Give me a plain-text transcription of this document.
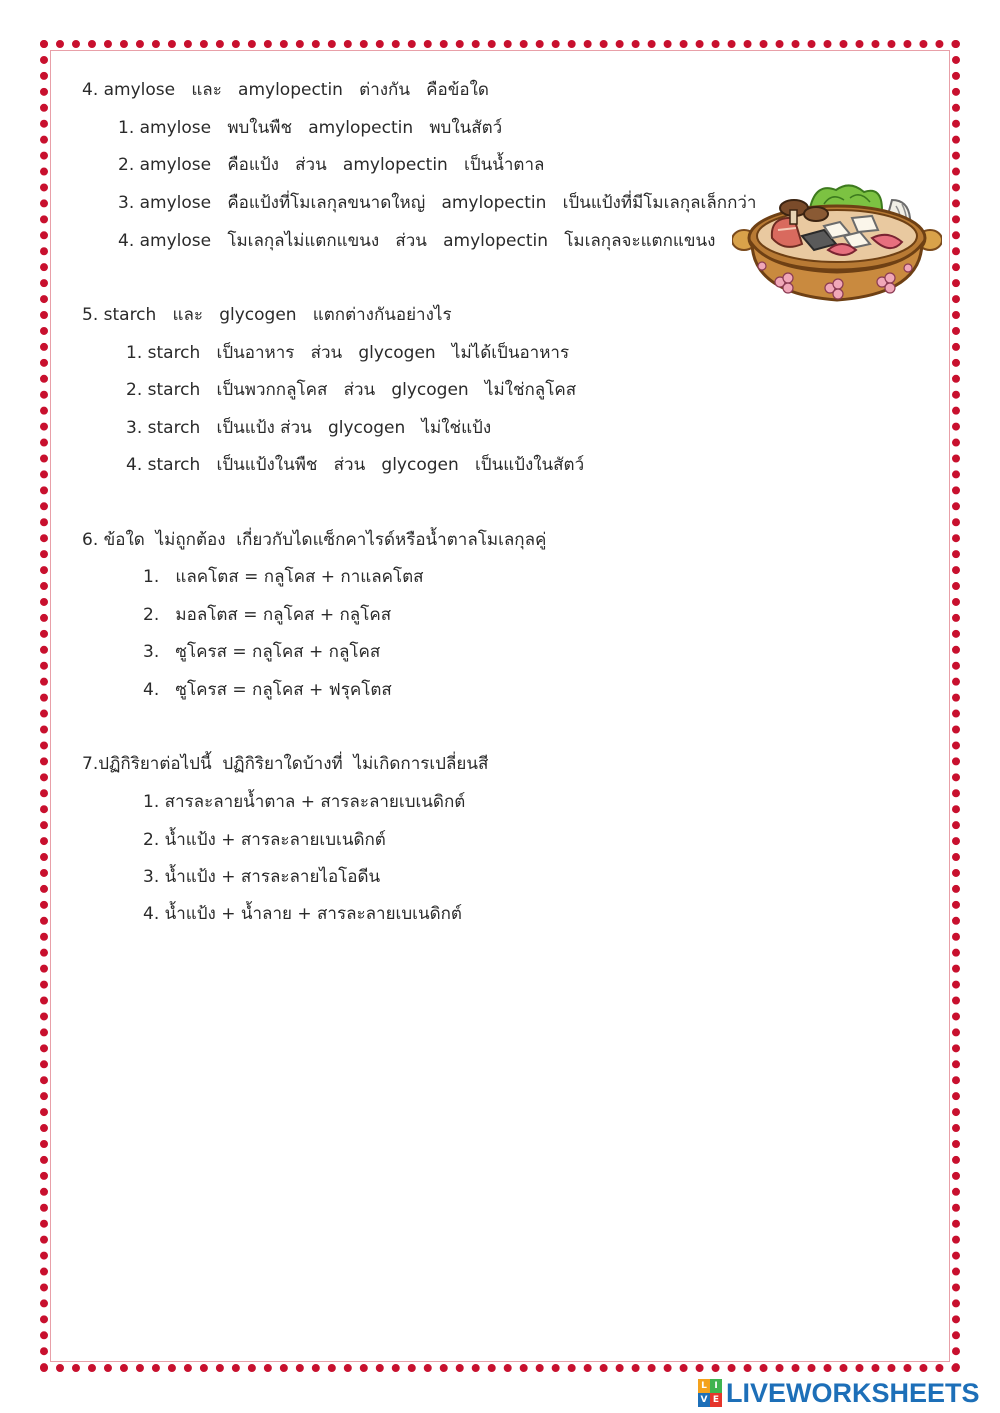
4. amylose   และ   amylopectin   ต่างกัน   คือข้อใด
1. amylose   พบในพืช   amylopectin   พบในสัตว์
2. amylose   คือแป้ง   ส่วน   amylopectin   เป็นน้ำตาล
3. amylose   คือแป้งที่โมเลกุลขนาดใหญ่   amylopectin   เป็นแป้งที่มีโมเลกุลเล็กกว่า
4. amylose   โมเลกุลไม่แตกแขนง   ส่วน   amylopectin   โมเลกุลจะแตกแขนง
5. starch   และ   glycogen   แตกต่างกันอย่างไร
1. starch   เป็นอาหาร   ส่วน   glycogen   ไม่ได้เป็นอาหาร
2. starch   เป็นพวกกลูโคส   ส่วน   glycogen   ไม่ใช่กลูโคส
3. starch   เป็นแป้ง ส่วน   glycogen   ไม่ใช่แป้ง
4. starch   เป็นแป้งในพืช   ส่วน   glycogen   เป็นแป้งในสัตว์
6. ข้อใด  ไม่ถูกต้อง  เกี่ยวกับไดแซ็กคาไรด์หรือน้ำตาลโมเลกุลคู่
1.   แลคโตส = กลูโคส + กาแลคโตส
2.   มอลโตส = กลูโคส + กลูโคส
3.   ซูโครส = กลูโคส + กลูโคส
4.   ซูโครส = กลูโคส + ฟรุคโตส
7.ปฏิกิริยาต่อไปนี้  ปฏิกิริยาใดบ้างที่  ไม่เกิดการเปลี่ยนสี
1. สารละลายน้ำตาล + สารละลายเบเนดิกต์
2. น้ำแป้ง + สารละลายเบเนดิกต์
3. น้ำแป้ง + สารละลายไอโอดีน
4. น้ำแป้ง + น้ำลาย + สารละลายเบเนดิกต์
L I
V E LIVEWORKSHEETS
